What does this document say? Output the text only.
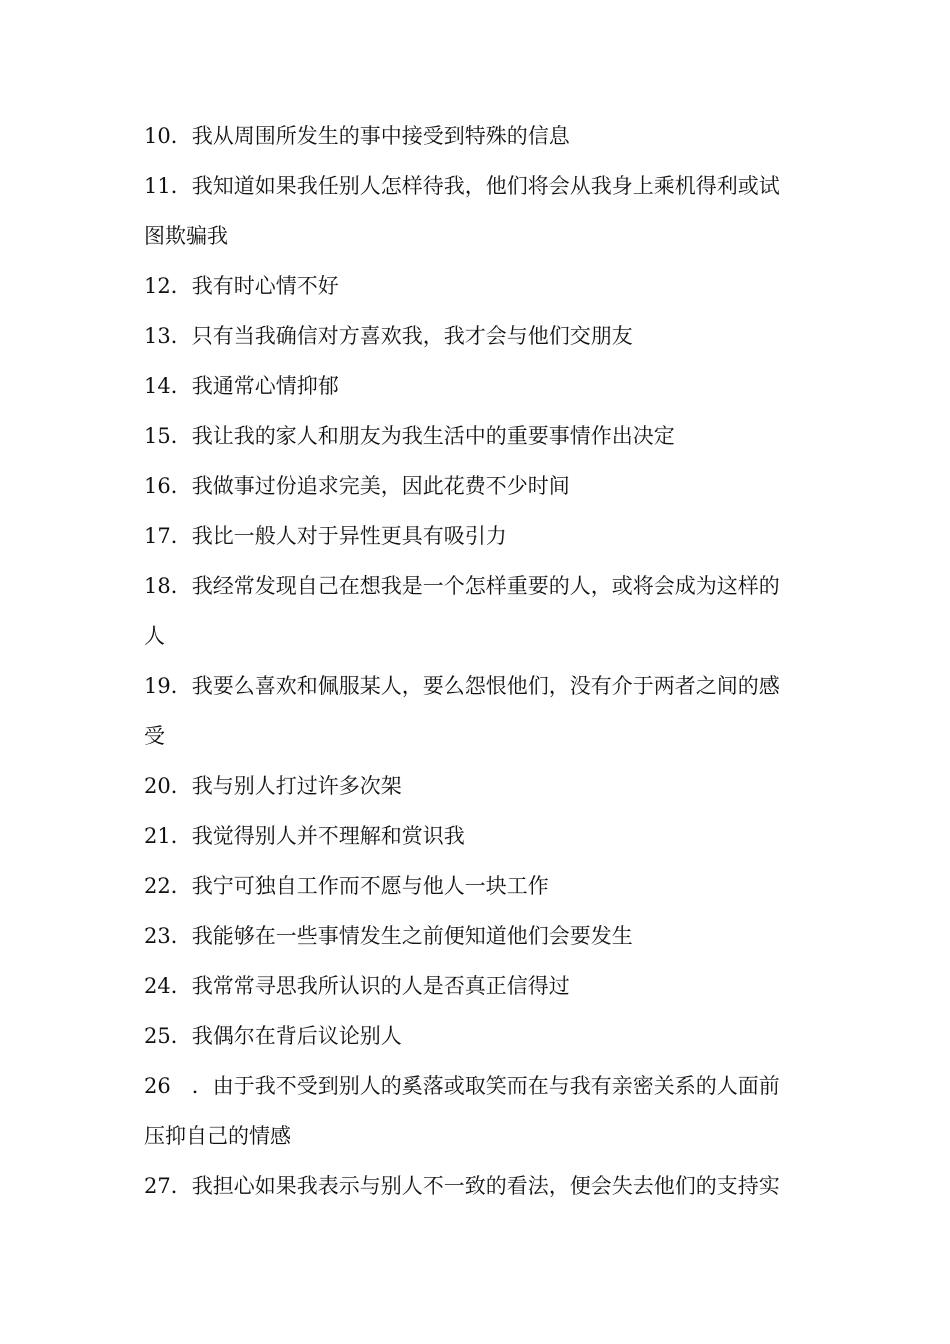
10．我从周围所发生的事中接受到特殊的信息
11．我知道如果我任别人怎样待我，他们将会从我身上乘机得利或试
图欺骗我
12．我有时心情不好
13．只有当我确信对方喜欢我，我才会与他们交朋友
14．我通常心情抑郁
15．我让我的家人和朋友为我生活中的重要事情作出决定
16．我做事过份追求完美，因此花费不少时间
17．我比一般人对于异性更具有吸引力
18．我经常发现自己在想我是一个怎样重要的人，或将会成为这样的
人
19．我要么喜欢和佩服某人，要么怨恨他们，没有介于两者之间的感
受
20．我与别人打过许多次架
21．我觉得别人并不理解和赏识我
22．我宁可独自工作而不愿与他人一块工作
23．我能够在一些事情发生之前便知道他们会要发生
24．我常常寻思我所认识的人是否真正信得过
25．我偶尔在背后议论别人
26　．由于我不受到别人的奚落或取笑而在与我有亲密关系的人面前
压抑自己的情感
27．我担心如果我表示与别人不一致的看法，便会失去他们的支持实
